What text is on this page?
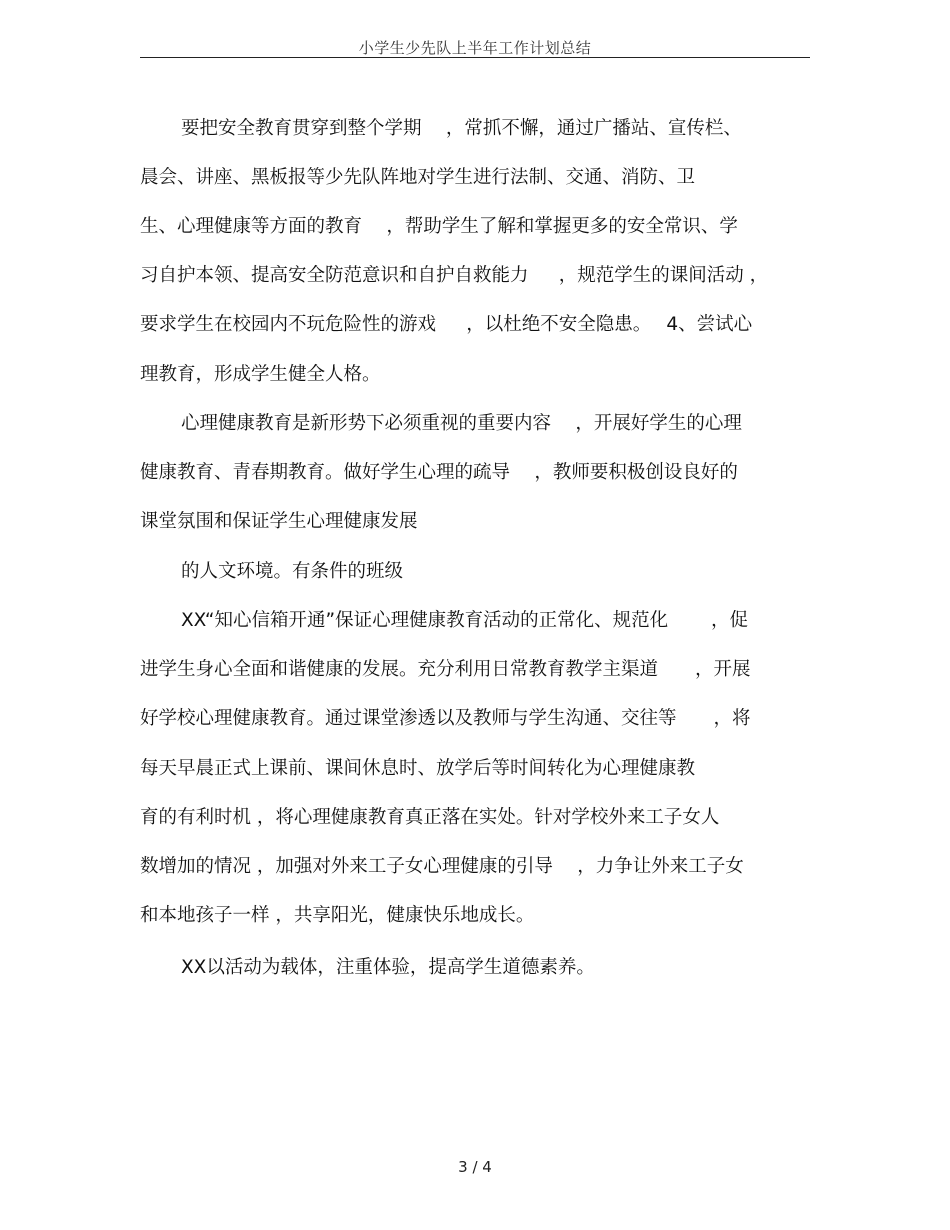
小学生少先队上半年工作计划总结
要把安全教育贯穿到整个学期　 ，常抓不懈，通过广播站、宣传栏、
晨会、讲座、黑板报等少先队阵地对学生进行法制、交通、消防、卫
生、心理健康等方面的教育　 ，帮助学生了解和掌握更多的安全常识、学
习自护本领、提高安全防范意识和自护自救能力　  ，规范学生的课间活动 ，
要求学生在校园内不玩危险性的游戏　  ，以杜绝不安全隐患。　 4、尝试心
理教育，形成学生健全人格。
心理健康教育是新形势下必须重视的重要内容　 ，开展好学生的心理
健康教育、青春期教育。做好学生心理的疏导　 ，教师要积极创设良好的
课堂氛围和保证学生心理健康发展
的人文环境。有条件的班级
XX“知心信箱开通”保证心理健康教育活动的正常化、规范化　　 ，促
进学生身心全面和谐健康的发展。充分利用日常教育教学主渠道　　，开展
好学校心理健康教育。通过课堂渗透以及教师与学生沟通、交往等　　，将
每天早晨正式上课前、课间休息时、放学后等时间转化为心理健康教
育的有利时机 ，将心理健康教育真正落在实处。针对学校外来工子女人
数增加的情况 ，加强对外来工子女心理健康的引导　 ，力争让外来工子女
和本地孩子一样 ，共享阳光，健康快乐地成长。
XX以活动为载体，注重体验，提高学生道德素养。
3 / 4
